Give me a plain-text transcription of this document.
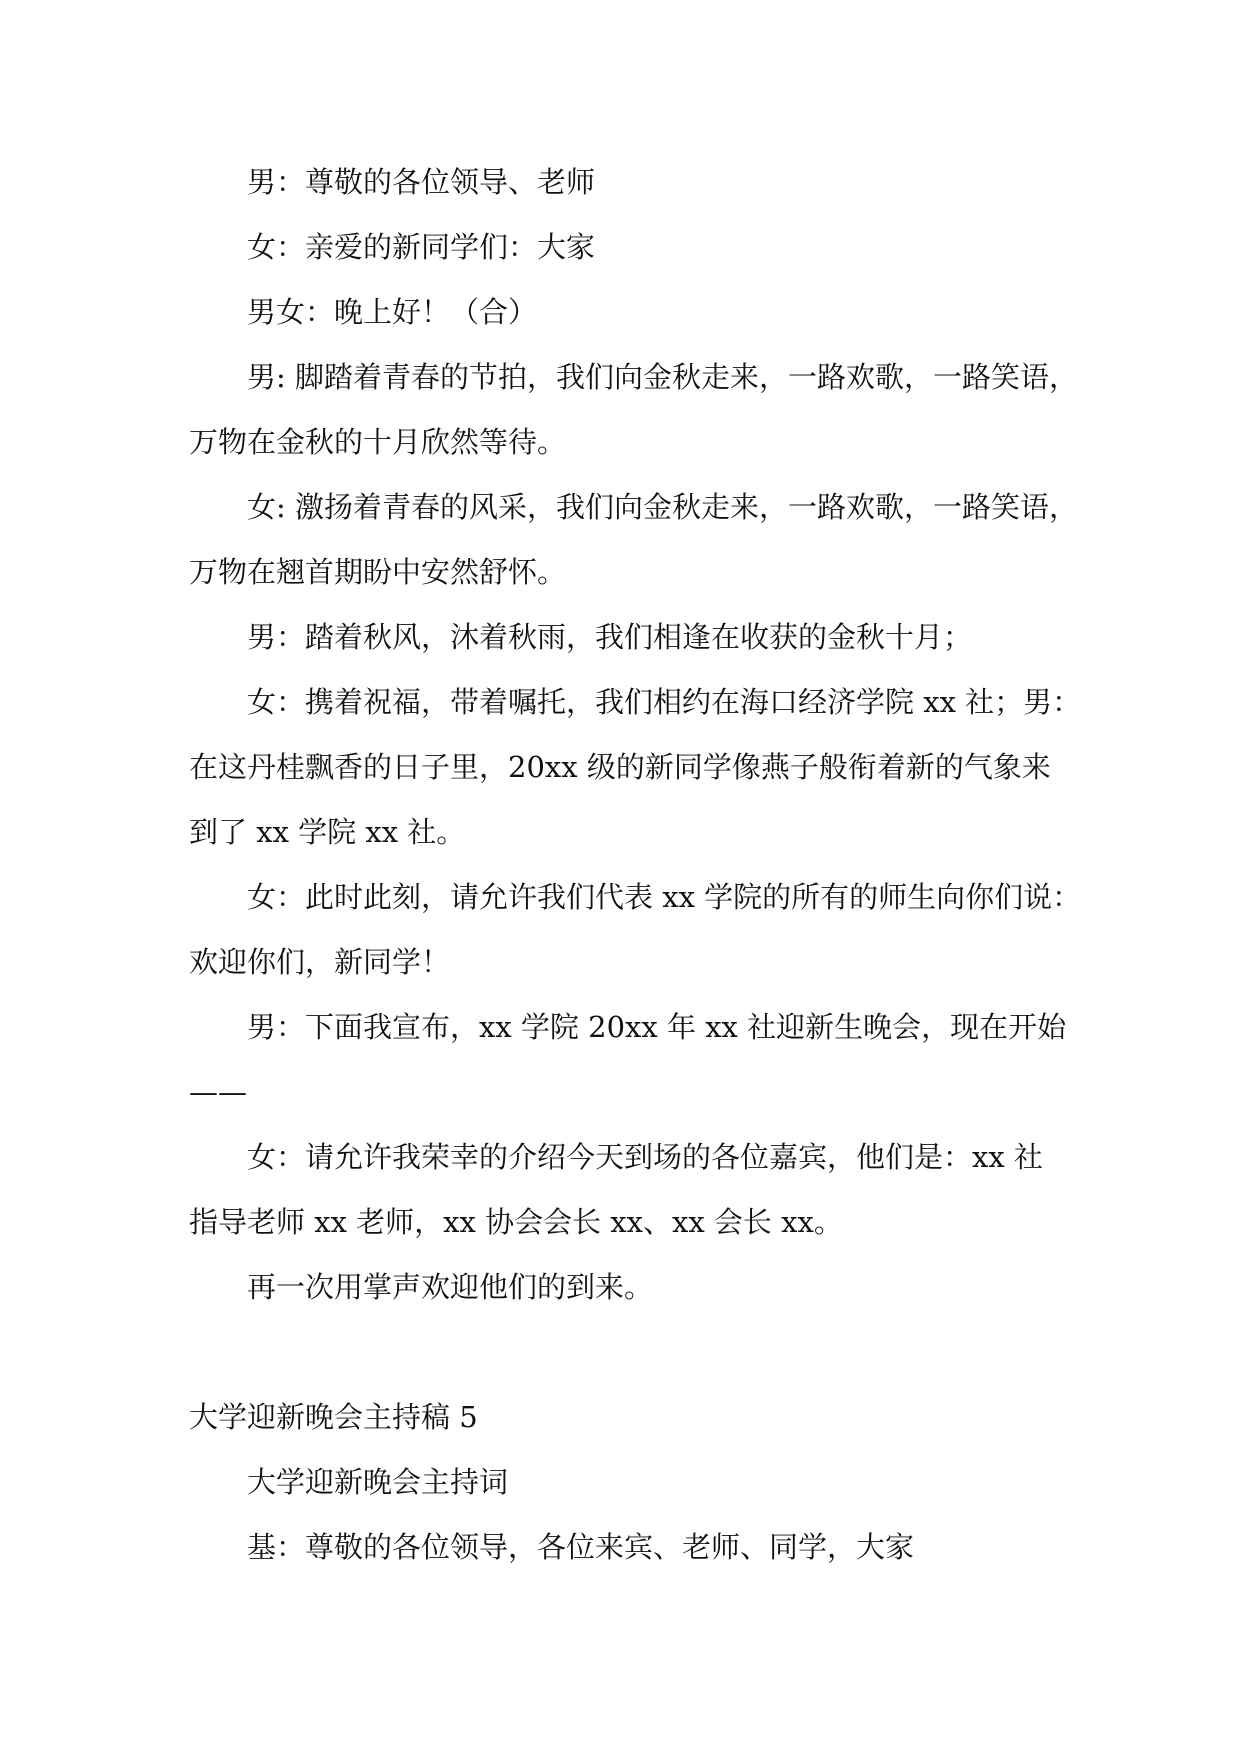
男：尊敬的各位领导、老师
女：亲爱的新同学们：大家
男女：晚上好！（合）
男: 脚踏着青春的节拍，我们向金秋走来，一路欢歌，一路笑语，
万物在金秋的十月欣然等待。
女: 激扬着青春的风采，我们向金秋走来，一路欢歌，一路笑语，
万物在翘首期盼中安然舒怀。
男：踏着秋风，沐着秋雨，我们相逢在收获的金秋十月；
女：携着祝福，带着嘱托，我们相约在海口经济学院 xx 社；男：
在这丹桂飘香的日子里，20xx 级的新同学像燕子般衔着新的气象来
到了 xx 学院 xx 社。
女：此时此刻，请允许我们代表 xx 学院的所有的师生向你们说：
欢迎你们，新同学！
男：下面我宣布，xx 学院 20xx 年 xx 社迎新生晚会，现在开始
——
女：请允许我荣幸的介绍今天到场的各位嘉宾，他们是：xx 社
指导老师 xx 老师，xx 协会会长 xx、xx 会长 xx。
再一次用掌声欢迎他们的到来。
大学迎新晚会主持稿 5
大学迎新晚会主持词
基：尊敬的各位领导，各位来宾、老师、同学，大家
